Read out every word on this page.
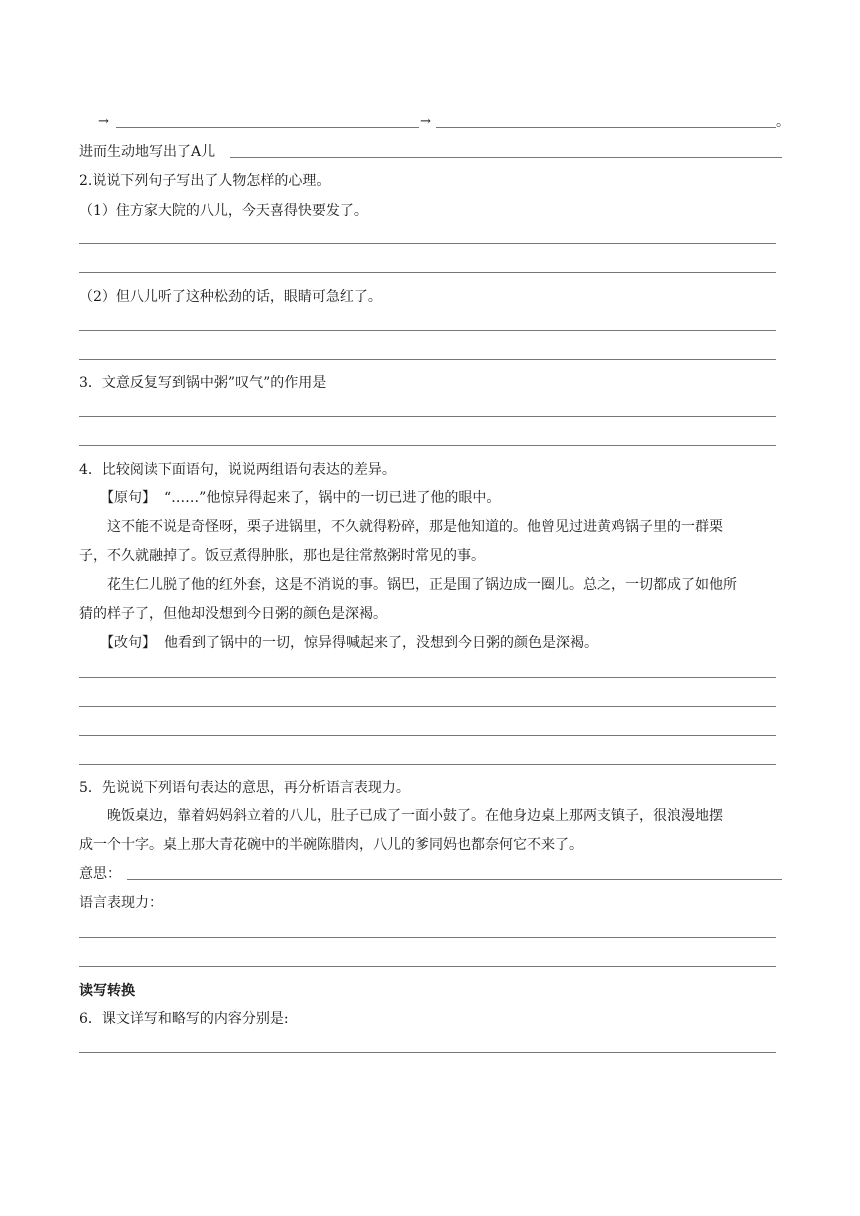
→	→	。
进而生动地写出了A儿
2.说说下列句子写出了人物怎样的心理。
（1）住方家大院的八儿，今天喜得快要发了。
（2）但八儿听了这种松劲的话，眼睛可急红了。
3．文意反复写到锅中粥”叹气”的作用是
4．比较阅读下面语句，说说两组语句表达的差异。
【原句】 “……”他惊异得起来了，锅中的一切已进了他的眼中。
这不能不说是奇怪呀，栗子进锅里，不久就得粉碎，那是他知道的。他曾见过进黄鸡锅子里的一群栗
子，不久就融掉了。饭豆煮得肿胀，那也是往常熬粥时常见的事。
花生仁儿脱了他的红外套，这是不消说的事。锅巴，正是围了锅边成一圈儿。总之，一切都成了如他所
猜的样子了，但他却没想到今日粥的颜色是深褐。
【改句】 他看到了锅中的一切，惊异得喊起来了，没想到今日粥的颜色是深褐。
5．先说说下列语句表达的意思，再分析语言表现力。
晚饭桌边，靠着妈妈斜立着的八儿，肚子已成了一面小鼓了。在他身边桌上那两支镇子，很浪漫地摆
成一个十字。桌上那大青花碗中的半碗陈腊肉，八儿的爹同妈也都奈何它不来了。
意思：
语言表现力：
读写转换
6．课文详写和略写的内容分别是:
